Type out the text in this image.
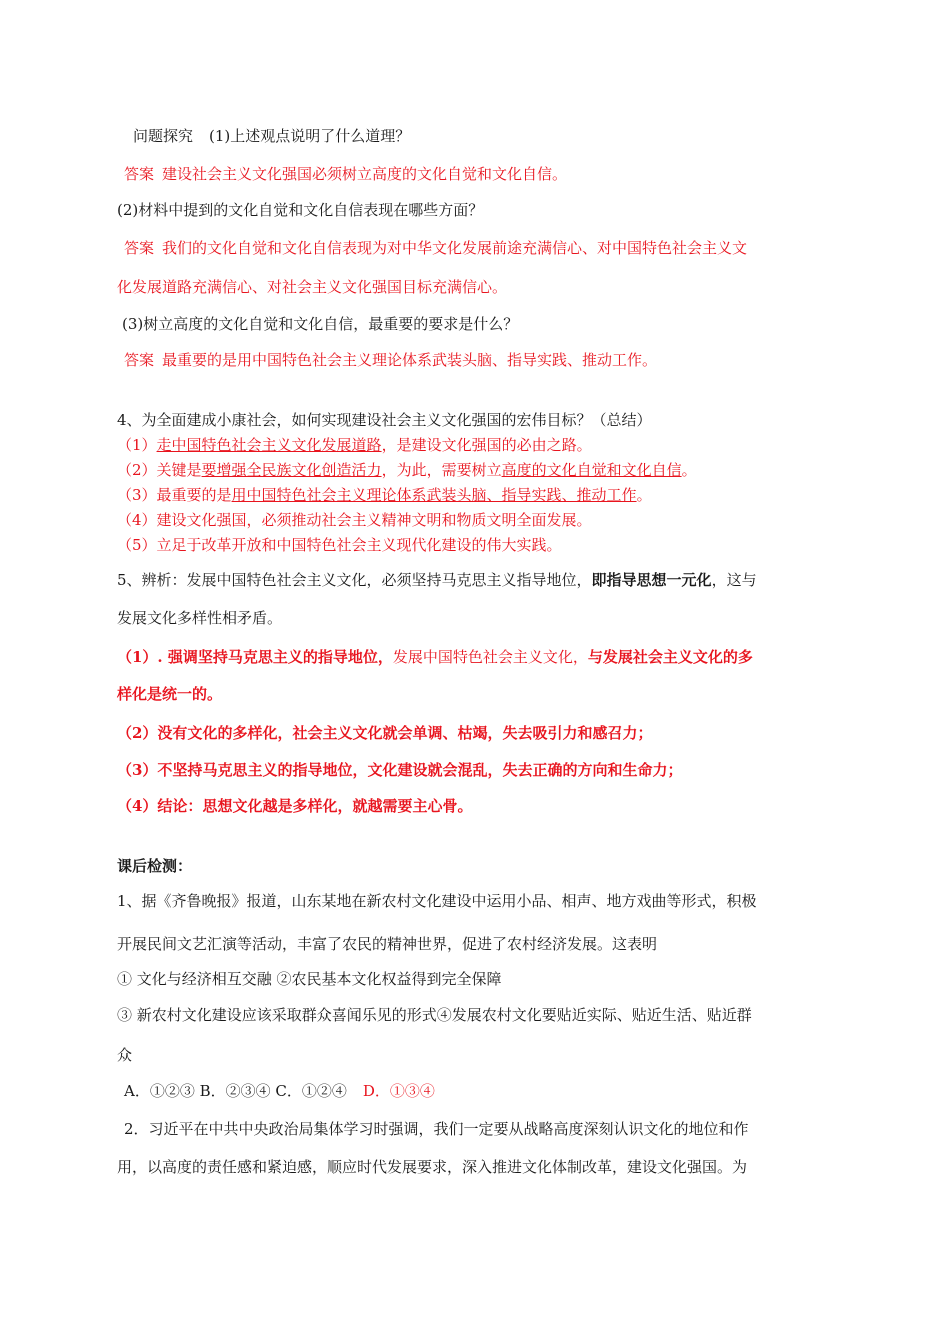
问题探究 (1)上述观点说明了什么道理？
答案 建设社会主义文化强国必须树立高度的文化自觉和文化自信。
(2)材料中提到的文化自觉和文化自信表现在哪些方面？
答案 我们的文化自觉和文化自信表现为对中华文化发展前途充满信心、对中国特色社会主义文
化发展道路充满信心、对社会主义文化强国目标充满信心。
(3)树立高度的文化自觉和文化自信，最重要的要求是什么？
答案 最重要的是用中国特色社会主义理论体系武装头脑、指导实践、推动工作。
4、为全面建成小康社会，如何实现建设社会主义文化强国的宏伟目标？（总结）
（1）走中国特色社会主义文化发展道路，是建设文化强国的必由之路。
（2）关键是要增强全民族文化创造活力，为此，需要树立高度的文化自觉和文化自信。
（3）最重要的是用中国特色社会主义理论体系武装头脑、指导实践、推动工作。
（4）建设文化强国，必须推动社会主义精神文明和物质文明全面发展。
（5）立足于改革开放和中国特色社会主义现代化建设的伟大实践。
5、辨析：发展中国特色社会主义文化，必须坚持马克思主义指导地位，即指导思想一元化，这与
发展文化多样性相矛盾。
（1）. 强调坚持马克思主义的指导地位，发展中国特色社会主义文化，与发展社会主义文化的多
样化是统一的。
（2）没有文化的多样化，社会主义文化就会单调、枯竭，失去吸引力和感召力；
（3）不坚持马克思主义的指导地位，文化建设就会混乱，失去正确的方向和生命力；
（4）结论：思想文化越是多样化，就越需要主心骨。
课后检测：
1、据《齐鲁晚报》报道，山东某地在新农村文化建设中运用小品、相声、地方戏曲等形式，积极
开展民间文艺汇演等活动，丰富了农民的精神世界，促进了农村经济发展。这表明
① 文化与经济相互交融 ②农民基本文化权益得到完全保障
③ 新农村文化建设应该采取群众喜闻乐见的形式④发展农村文化要贴近实际、贴近生活、贴近群
众
A．①②③ B．②③④ C．①②④ D．①③④
2．习近平在中共中央政治局集体学习时强调，我们一定要从战略高度深刻认识文化的地位和作
用，以高度的责任感和紧迫感，顺应时代发展要求，深入推进文化体制改革，建设文化强国。为
